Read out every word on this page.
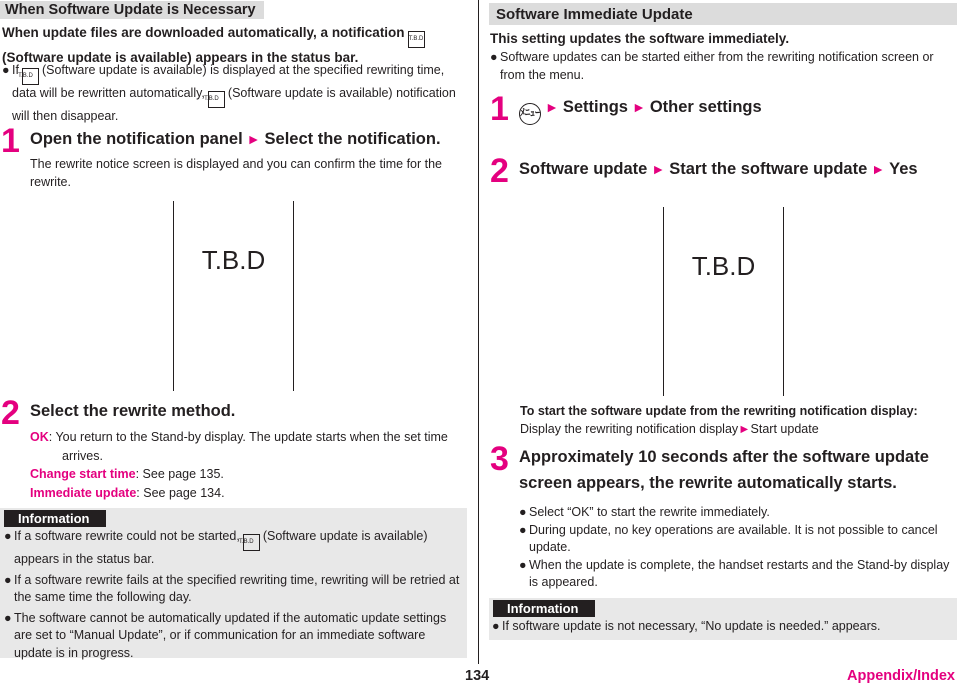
When Software Update is Necessary
When update files are downloaded automatically, a notification T.B.D
(Software update is available) appears in the status bar.
● IfT.B.D (Software update is available) is displayed at the specified rewriting time, data will be rewritten automatically,T.B.D (Software update is available) notification will then disappear.
1 Open the notification panel ► Select the notification.
The rewrite notice screen is displayed and you can confirm the time for the rewrite.
T.B.D
2 Select the rewrite method.
OK: You return to the Stand-by display. The update starts when the set time arrives.
Change start time: See page 135.
Immediate update: See page 134.
Information
● If a software rewrite could not be started,T.B.D (Software update is available) appears in the status bar.
● If a software rewrite fails at the specified rewriting time, rewriting will be retried at the same time the following day.
● The software cannot be automatically updated if the automatic update settings are set to “Manual Update”, or if communication for an immediate software update is in progress.
Software Immediate Update
This setting updates the software immediately.
● Software updates can be started either from the rewriting notification screen or from the menu.
1 ﾒﾆｭｰ ► Settings ► Other settings
2 Software update ► Start the software update ► Yes
T.B.D
To start the software update from the rewriting notification display:
Display the rewriting notification display►Start update
3 Approximately 10 seconds after the software update screen appears, the rewrite automatically starts.
● Select “OK” to start the rewrite immediately.
● During update, no key operations are available. It is not possible to cancel update.
● When the update is complete, the handset restarts and the Stand-by display is appeared.
Information
● If software update is not necessary, “No update is needed.” appears.
134	Appendix/Index
